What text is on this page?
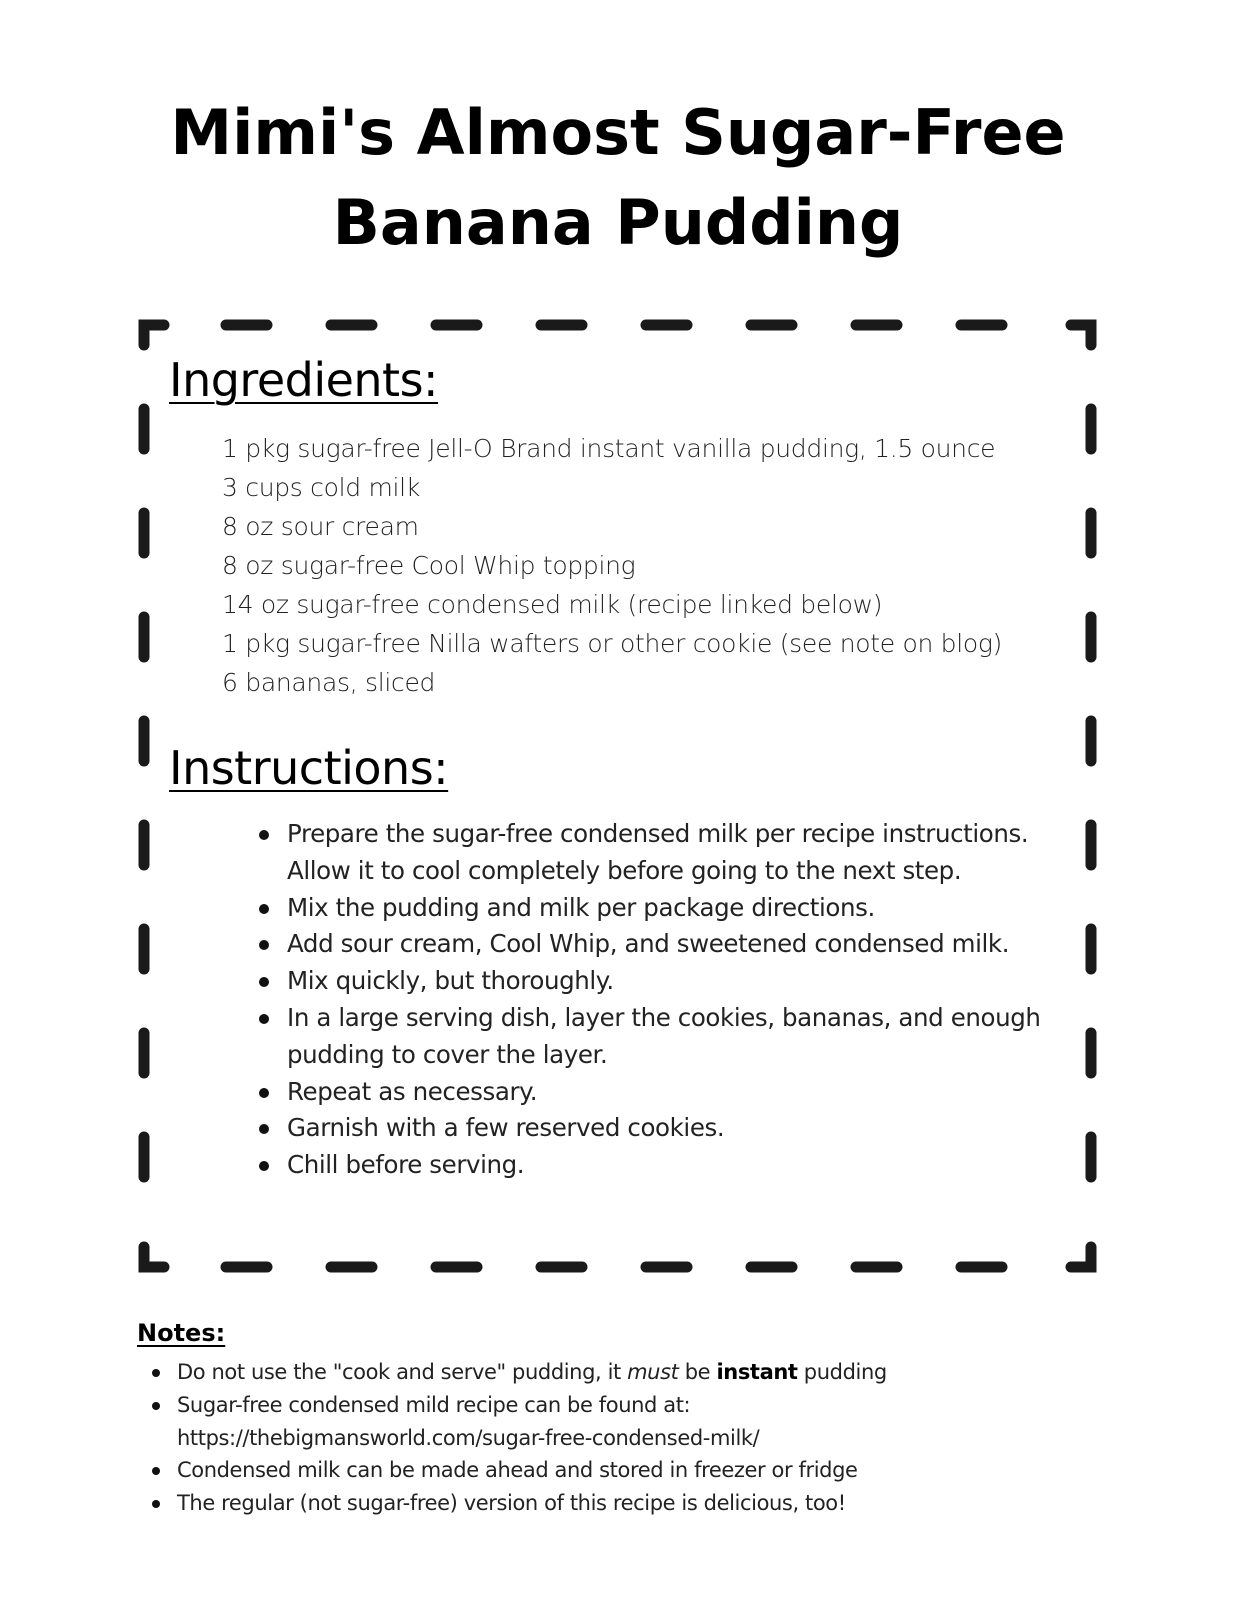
Mimi's Almost Sugar-Free
Banana Pudding
Ingredients:
1 pkg sugar-free Jell-O Brand instant vanilla pudding, 1.5 ounce
3 cups cold milk
8 oz sour cream
8 oz sugar-free Cool Whip topping
14 oz sugar-free condensed milk (recipe linked below)
1 pkg sugar-free Nilla wafters or other cookie (see note on blog)
6 bananas, sliced
Instructions:
Prepare the sugar-free condensed milk per recipe instructions. Allow it to cool completely before going to the next step.
Mix the pudding and milk per package directions.
Add sour cream, Cool Whip, and sweetened condensed milk.
Mix quickly, but thoroughly.
In a large serving dish, layer the cookies, bananas, and enough pudding to cover the layer.
Repeat as necessary.
Garnish with a few reserved cookies.
Chill before serving.
Notes:
Do not use the "cook and serve" pudding, it must be instant pudding
Sugar-free condensed mild recipe can be found at:
https://thebigmansworld.com/sugar-free-condensed-milk/
Condensed milk can be made ahead and stored in freezer or fridge
The regular (not sugar-free) version of this recipe is delicious, too!
